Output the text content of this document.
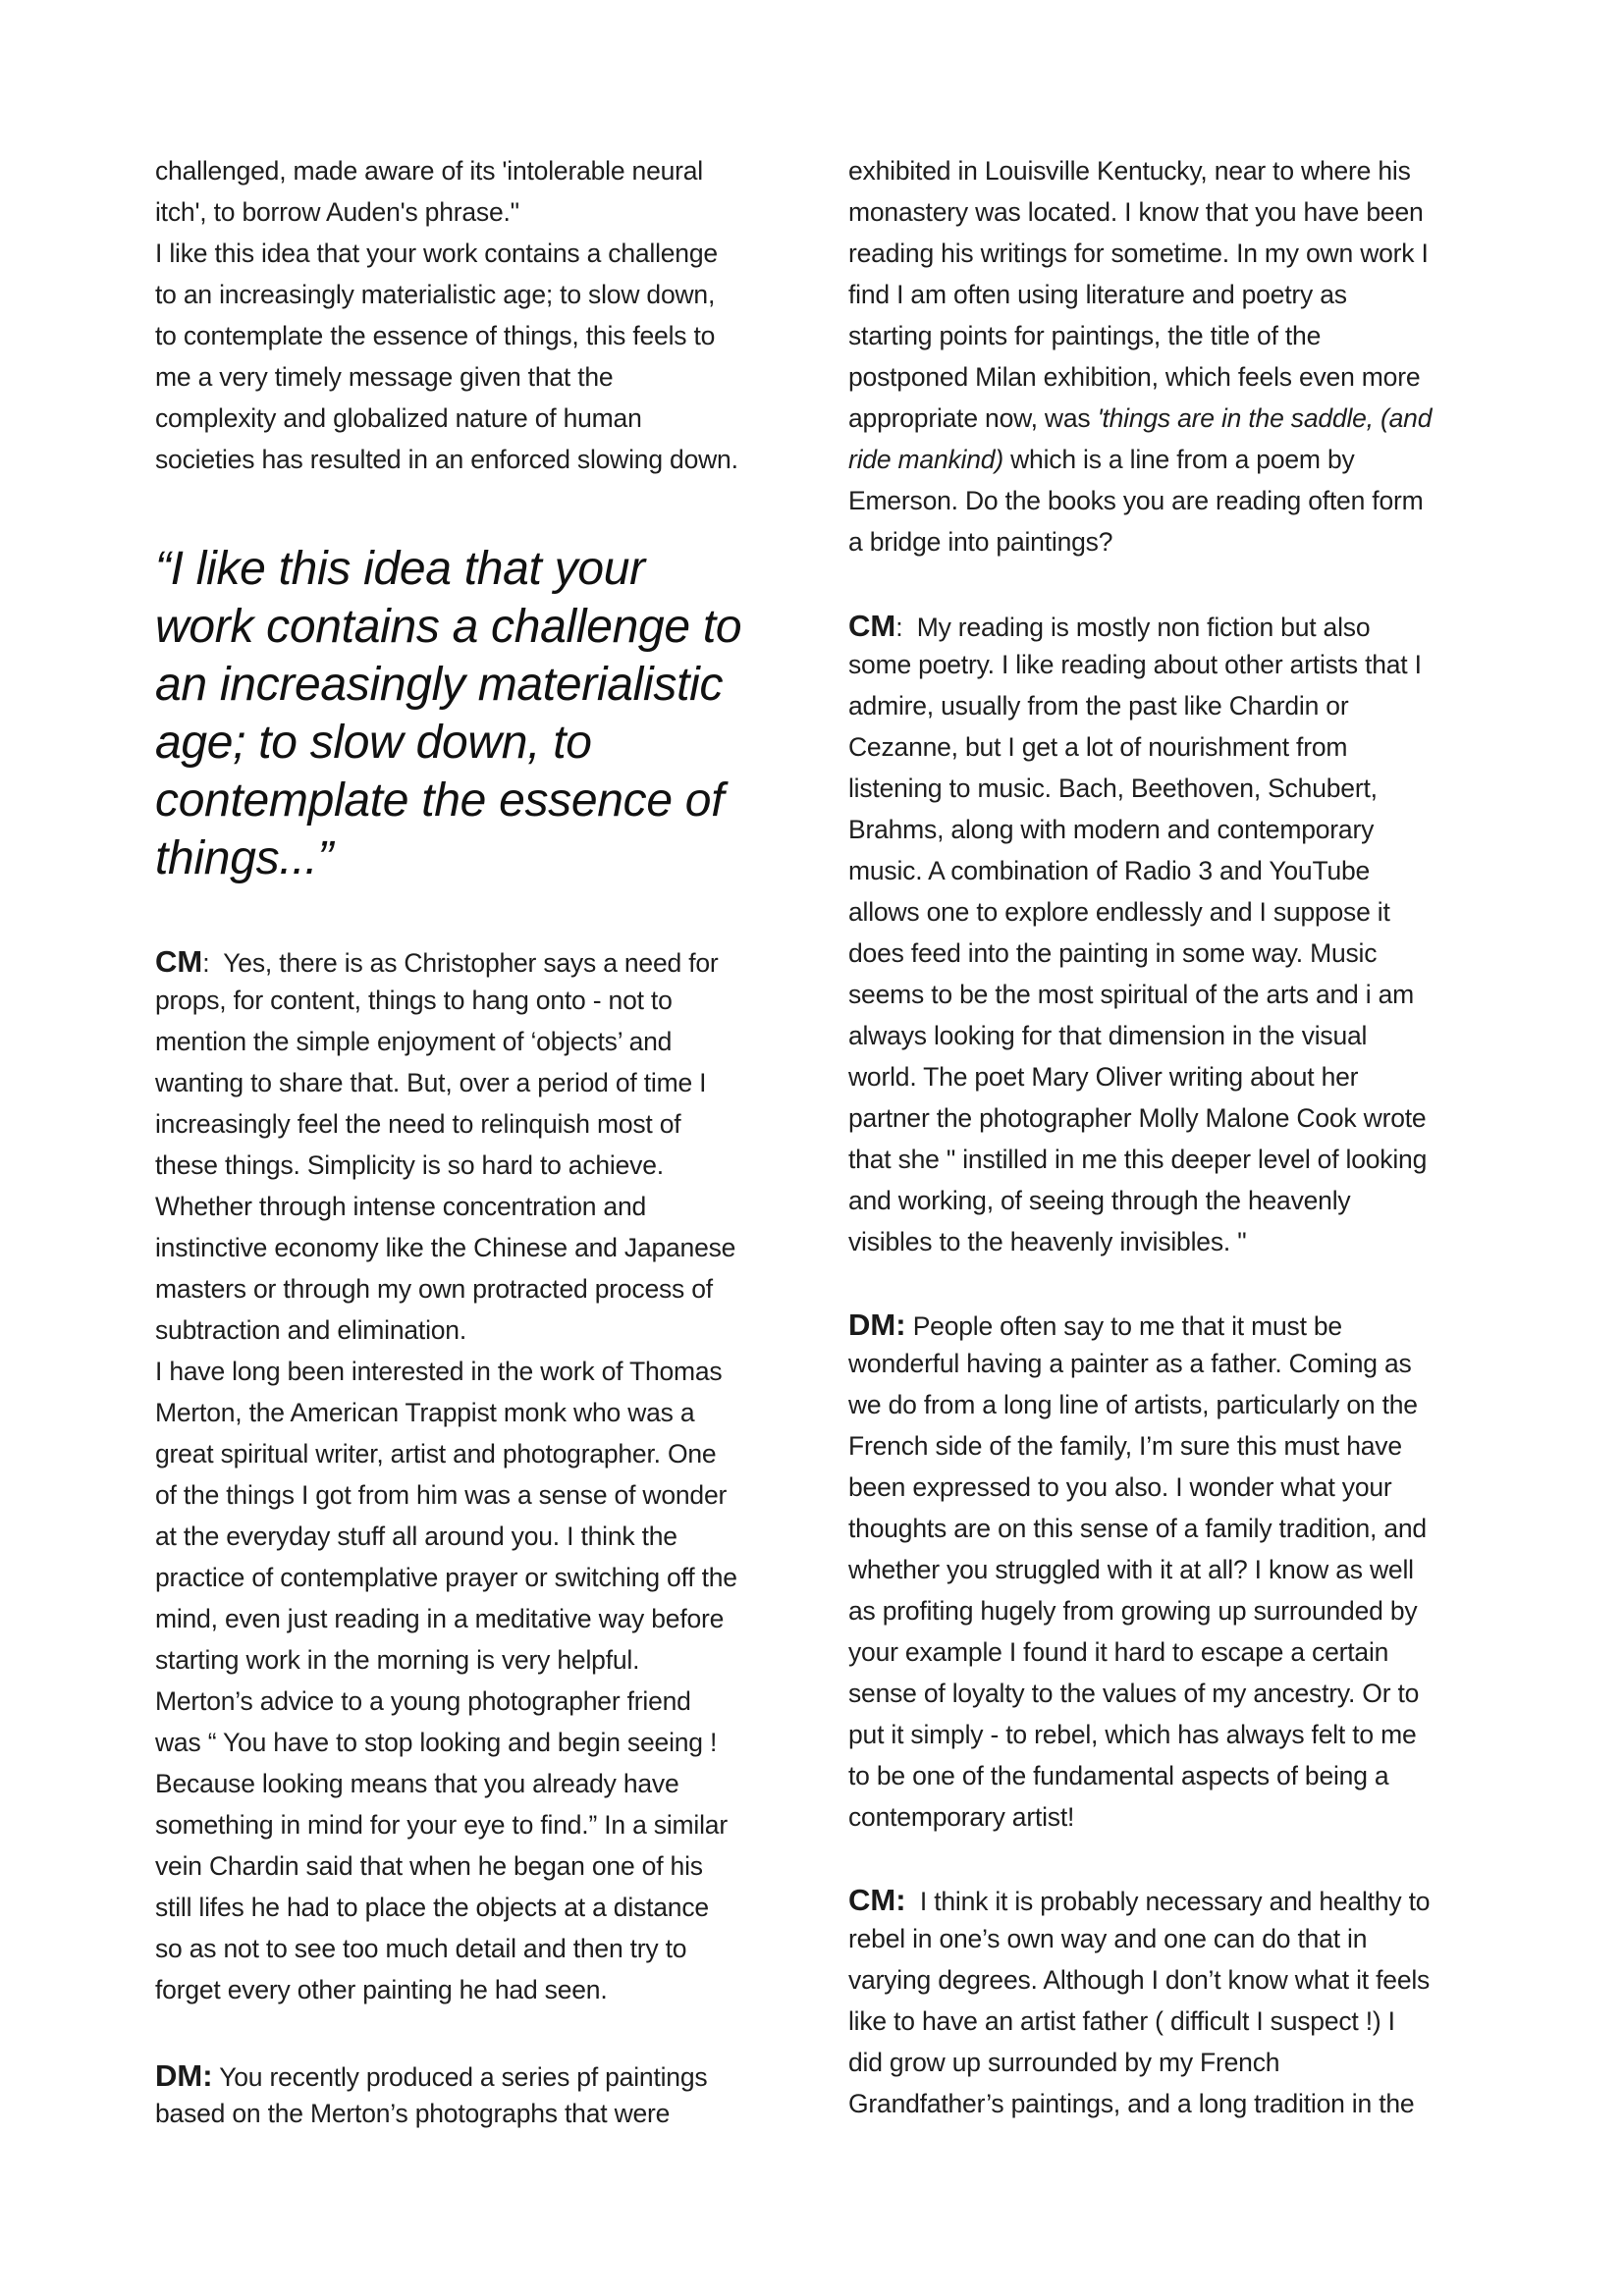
challenged, made aware of its 'intolerable neural
itch', to borrow Auden's phrase."
I like this idea that your work contains a challenge
to an increasingly materialistic age; to slow down,
to contemplate the essence of things, this feels to
me a very timely message given that the
complexity and globalized nature of human
societies has resulted in an enforced slowing down.
“I like this idea that your
work contains a challenge to
an increasingly materialistic
age; to slow down, to
contemplate the essence of
things...”
CM:  Yes, there is as Christopher says a need for
props, for content, things to hang onto - not to
mention the simple enjoyment of ‘objects’ and
wanting to share that. But, over a period of time I
increasingly feel the need to relinquish most of
these things. Simplicity is so hard to achieve.
Whether through intense concentration and
instinctive economy like the Chinese and Japanese
masters or through my own protracted process of
subtraction and elimination.
I have long been interested in the work of Thomas
Merton, the American Trappist monk who was a
great spiritual writer, artist and photographer. One
of the things I got from him was a sense of wonder
at the everyday stuff all around you. I think the
practice of contemplative prayer or switching off the
mind, even just reading in a meditative way before
starting work in the morning is very helpful.
Merton’s advice to a young photographer friend
was “ You have to stop looking and begin seeing !
Because looking means that you already have
something in mind for your eye to find.” In a similar
vein Chardin said that when he began one of his
still lifes he had to place the objects at a distance
so as not to see too much detail and then try to
forget every other painting he had seen.
DM: You recently produced a series pf paintings
based on the Merton’s photographs that were
exhibited in Louisville Kentucky, near to where his
monastery was located. I know that you have been
reading his writings for sometime. In my own work I
find I am often using literature and poetry as
starting points for paintings, the title of the
postponed Milan exhibition, which feels even more
appropriate now, was 'things are in the saddle, (and
ride mankind) which is a line from a poem by
Emerson. Do the books you are reading often form
a bridge into paintings?
CM:  My reading is mostly non fiction but also
some poetry. I like reading about other artists that I
admire, usually from the past like Chardin or
Cezanne, but I get a lot of nourishment from
listening to music. Bach, Beethoven, Schubert,
Brahms, along with modern and contemporary
music. A combination of Radio 3 and YouTube
allows one to explore endlessly and I suppose it
does feed into the painting in some way. Music
seems to be the most spiritual of the arts and i am
always looking for that dimension in the visual
world. The poet Mary Oliver writing about her
partner the photographer Molly Malone Cook wrote
that she " instilled in me this deeper level of looking
and working, of seeing through the heavenly
visibles to the heavenly invisibles. "
DM: People often say to me that it must be
wonderful having a painter as a father. Coming as
we do from a long line of artists, particularly on the
French side of the family, I’m sure this must have
been expressed to you also. I wonder what your
thoughts are on this sense of a family tradition, and
whether you struggled with it at all? I know as well
as profiting hugely from growing up surrounded by
your example I found it hard to escape a certain
sense of loyalty to the values of my ancestry. Or to
put it simply - to rebel, which has always felt to me
to be one of the fundamental aspects of being a
contemporary artist!
CM:  I think it is probably necessary and healthy to
rebel in one’s own way and one can do that in
varying degrees. Although I don’t know what it feels
like to have an artist father ( difficult I suspect !) I
did grow up surrounded by my French
Grandfather’s paintings, and a long tradition in the
